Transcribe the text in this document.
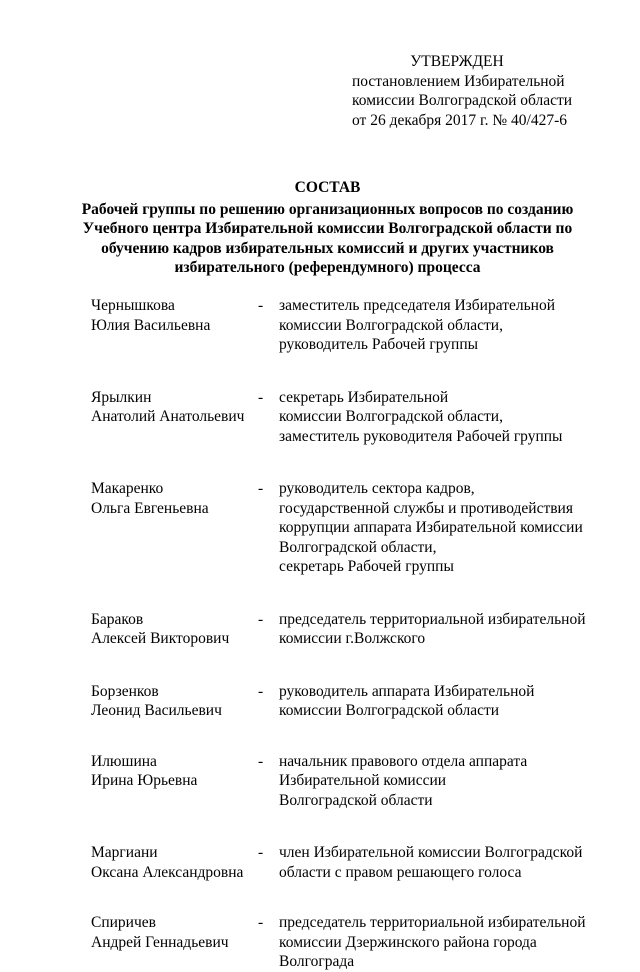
УТВЕРЖДЕН
постановлением Избирательной
комиссии Волгоградской области
от 26 декабря 2017 г. № 40/427-6
СОСТАВ
Рабочей группы по решению организационных вопросов по созданию
Учебного центра Избирательной комиссии Волгоградской области по
обучению кадров избирательных комиссий и других участников
избирательного (референдумного) процесса
Чернышкова
Юлия Васильевна
- заместитель председателя Избирательной
комиссии Волгоградской области,
руководитель Рабочей группы
Ярылкин
Анатолий Анатольевич
- секретарь Избирательной
комиссии Волгоградской области,
заместитель руководителя Рабочей группы
Макаренко
Ольга Евгеньевна
- руководитель сектора кадров,
государственной службы и противодействия
коррупции аппарата Избирательной комиссии
Волгоградской области,
секретарь Рабочей группы
Бараков
Алексей Викторович
- председатель территориальной избирательной
комиссии г.Волжского
Борзенков
Леонид Васильевич
- руководитель аппарата Избирательной
комиссии Волгоградской области
Илюшина
Ирина Юрьевна
- начальник правового отдела аппарата
Избирательной комиссии
Волгоградской области
Маргиани
Оксана Александровна
- член Избирательной комиссии Волгоградской
области с правом решающего голоса
Спиричев
Андрей Геннадьевич
- председатель территориальной избирательной
комиссии Дзержинского района города
Волгограда
